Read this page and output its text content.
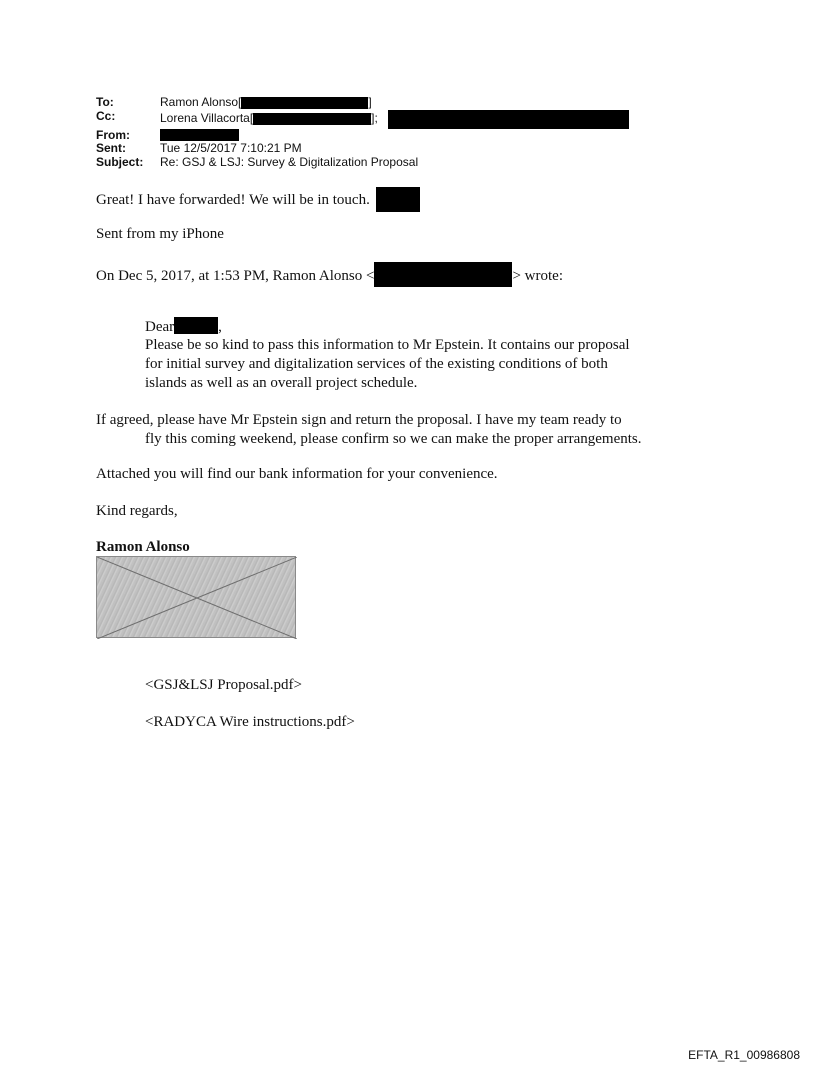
To:	Ramon Alonso[	]
Cc:	Lorena Villacorta[	];
From:
Sent:	Tue 12/5/2017 7:10:21 PM
Subject:	Re: GSJ & LSJ: Survey & Digitalization Proposal
Great! I have forwarded! We will be in touch.
Sent from my iPhone
On Dec 5, 2017, at 1:53 PM, Ramon Alonso <	> wrote:
Dear	,
Please be so kind to pass this information to Mr Epstein. It contains our proposal
for initial survey and digitalization services of the existing conditions of both
islands as well as an overall project schedule.
If agreed, please have Mr Epstein sign and return the proposal. I have my team ready to
fly this coming weekend, please confirm so we can make the proper arrangements.
Attached you will find our bank information for your convenience.
Kind regards,
Ramon Alonso
<GSJ&LSJ Proposal.pdf>
<RADYCA Wire instructions.pdf>
EFTA_R1_00986808
